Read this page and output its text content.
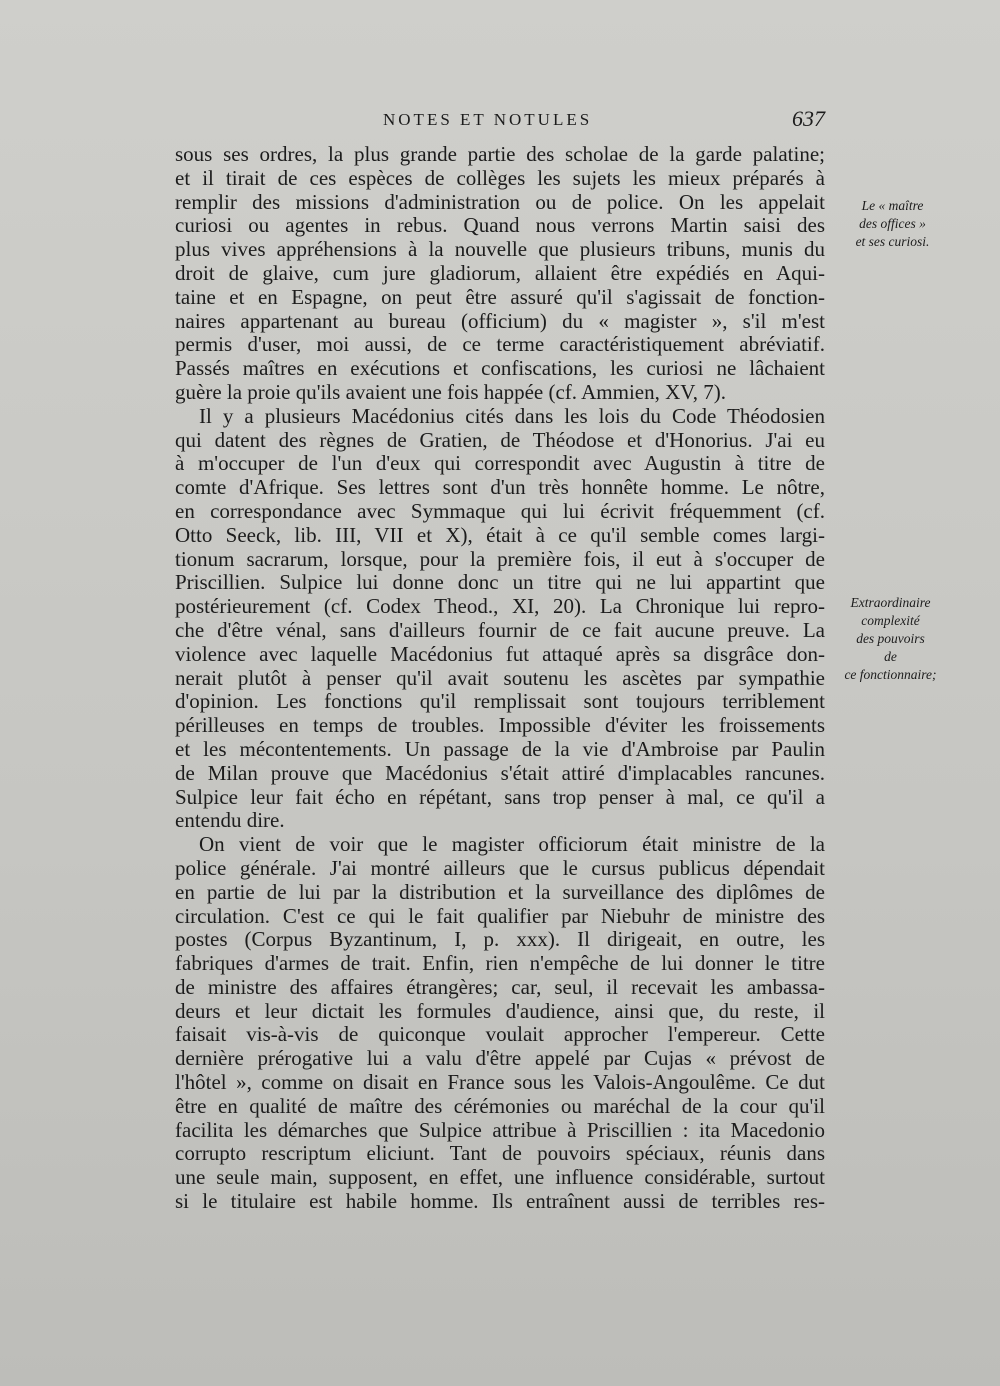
NOTES ET NOTULES	637
sous ses ordres, la plus grande partie des scholae de la garde palatine;
et il tirait de ces espèces de collèges les sujets les mieux préparés à
remplir des missions d'administration ou de police. On les appelait
curiosi ou agentes in rebus. Quand nous verrons Martin saisi des
plus vives appréhensions à la nouvelle que plusieurs tribuns, munis du
droit de glaive, cum jure gladiorum, allaient être expédiés en Aqui-
taine et en Espagne, on peut être assuré qu'il s'agissait de fonction-
naires appartenant au bureau (officium) du « magister », s'il m'est
permis d'user, moi aussi, de ce terme caractéristiquement abréviatif.
Passés maîtres en exécutions et confiscations, les curiosi ne lâchaient
guère la proie qu'ils avaient une fois happée (cf. Ammien, XV, 7).
Il y a plusieurs Macédonius cités dans les lois du Code Théodosien
qui datent des règnes de Gratien, de Théodose et d'Honorius. J'ai eu
à m'occuper de l'un d'eux qui correspondit avec Augustin à titre de
comte d'Afrique. Ses lettres sont d'un très honnête homme. Le nôtre,
en correspondance avec Symmaque qui lui écrivit fréquemment (cf.
Otto Seeck, lib. III, VII et X), était à ce qu'il semble comes largi-
tionum sacrarum, lorsque, pour la première fois, il eut à s'occuper de
Priscillien. Sulpice lui donne donc un titre qui ne lui appartint que
postérieurement (cf. Codex Theod., XI, 20). La Chronique lui repro-
che d'être vénal, sans d'ailleurs fournir de ce fait aucune preuve. La
violence avec laquelle Macédonius fut attaqué après sa disgrâce don-
nerait plutôt à penser qu'il avait soutenu les ascètes par sympathie
d'opinion. Les fonctions qu'il remplissait sont toujours terriblement
périlleuses en temps de troubles. Impossible d'éviter les froissements
et les mécontentements. Un passage de la vie d'Ambroise par Paulin
de Milan prouve que Macédonius s'était attiré d'implacables rancunes.
Sulpice leur fait écho en répétant, sans trop penser à mal, ce qu'il a
entendu dire.
On vient de voir que le magister officiorum était ministre de la
police générale. J'ai montré ailleurs que le cursus publicus dépendait
en partie de lui par la distribution et la surveillance des diplômes de
circulation. C'est ce qui le fait qualifier par Niebuhr de ministre des
postes (Corpus Byzantinum, I, p. xxx). Il dirigeait, en outre, les
fabriques d'armes de trait. Enfin, rien n'empêche de lui donner le titre
de ministre des affaires étrangères; car, seul, il recevait les ambassa-
deurs et leur dictait les formules d'audience, ainsi que, du reste, il
faisait vis-à-vis de quiconque voulait approcher l'empereur. Cette
dernière prérogative lui a valu d'être appelé par Cujas « prévost de
l'hôtel », comme on disait en France sous les Valois-Angoulême. Ce dut
être en qualité de maître des cérémonies ou maréchal de la cour qu'il
facilita les démarches que Sulpice attribue à Priscillien : ita Macedonio
corrupto rescriptum eliciunt. Tant de pouvoirs spéciaux, réunis dans
une seule main, supposent, en effet, une influence considérable, surtout
si le titulaire est habile homme. Ils entraînent aussi de terribles res-
Le « maître
des offices »
et ses curiosi.
Extraordinaire
complexité
des pouvoirs
de
ce fonctionnaire;
